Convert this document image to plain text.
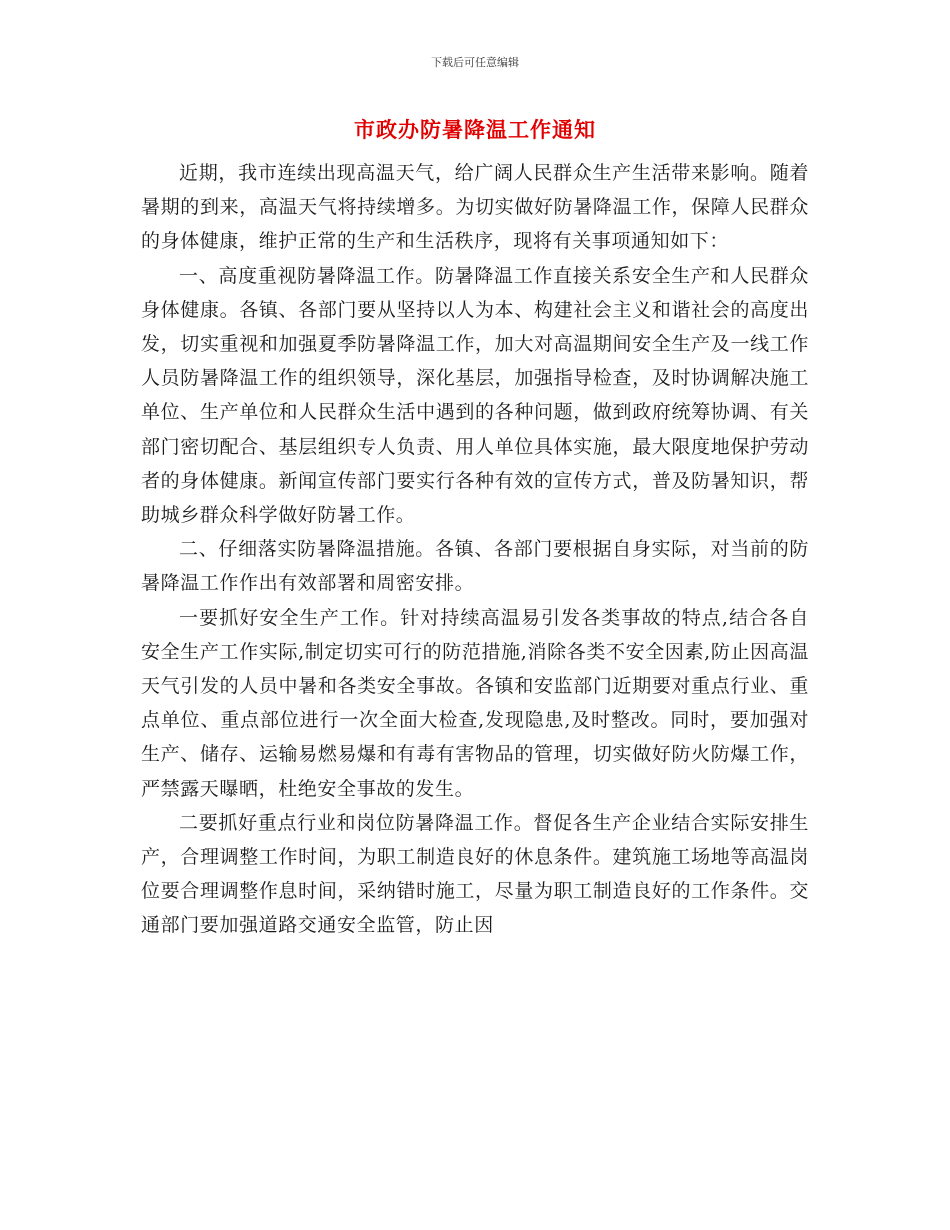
下载后可任意编辑
市政办防暑降温工作通知

近期，我市连续出现高温天气，给广阔人民群众生产生活带来影响。随着暑期的到来，高温天气将持续增多。为切实做好防暑降温工作，保障人民群众的身体健康，维护正常的生产和生活秩序，现将有关事项通知如下：

一、高度重视防暑降温工作。防暑降温工作直接关系安全生产和人民群众身体健康。各镇、各部门要从坚持以人为本、构建社会主义和谐社会的高度出发，切实重视和加强夏季防暑降温工作，加大对高温期间安全生产及一线工作人员防暑降温工作的组织领导，深化基层，加强指导检查，及时协调解决施工单位、生产单位和人民群众生活中遇到的各种问题，做到政府统筹协调、有关部门密切配合、基层组织专人负责、用人单位具体实施，最大限度地保护劳动者的身体健康。新闻宣传部门要实行各种有效的宣传方式，普及防暑知识，帮助城乡群众科学做好防暑工作。

二、仔细落实防暑降温措施。各镇、各部门要根据自身实际，对当前的防暑降温工作作出有效部署和周密安排。

一要抓好安全生产工作。针对持续高温易引发各类事故的特点,结合各自安全生产工作实际,制定切实可行的防范措施,消除各类不安全因素,防止因高温天气引发的人员中暑和各类安全事故。各镇和安监部门近期要对重点行业、重点单位、重点部位进行一次全面大检查,发现隐患,及时整改。同时，要加强对生产、储存、运输易燃易爆和有毒有害物品的管理，切实做好防火防爆工作，严禁露天曝晒，杜绝安全事故的发生。

二要抓好重点行业和岗位防暑降温工作。督促各生产企业结合实际安排生产，合理调整工作时间，为职工制造良好的休息条件。建筑施工场地等高温岗位要合理调整作息时间，采纳错时施工，尽量为职工制造良好的工作条件。交通部门要加强道路交通安全监管，防止因
